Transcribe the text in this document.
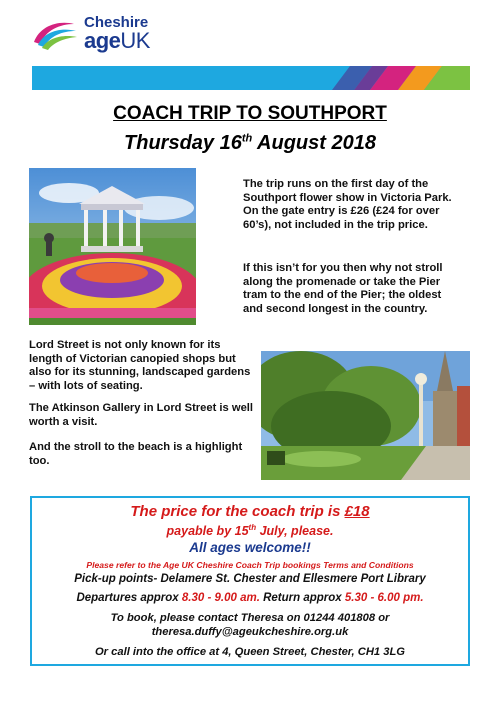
Cheshire
ageUK
COACH TRIP TO SOUTHPORT
Thursday 16th August 2018
The trip runs on the first day of the Southport flower show in Victoria Park. On the gate entry is £26 (£24 for over 60’s), not included in the trip price.
If this isn’t for you then why not stroll along the promenade or take the Pier tram to the end of the Pier; the oldest and second longest in the country.
Lord Street is not only known for its length of Victorian canopied shops but also for its stunning, landscaped gardens – with lots of seating.
The Atkinson Gallery in Lord Street is well worth a visit.
And the stroll to the beach is a highlight too.
The price for the coach trip is £18
payable by 15th July, please.
All ages welcome!!
Please refer to the Age UK Cheshire Coach Trip bookings Terms and Conditions
Pick-up points- Delamere St. Chester and Ellesmere Port Library
Departures approx 8.30 - 9.00 am. Return approx 5.30 - 6.00 pm.
To book, please contact Theresa on 01244 401808 or
theresa.duffy@ageukcheshire.org.uk
Or call into the office at 4, Queen Street, Chester, CH1 3LG
